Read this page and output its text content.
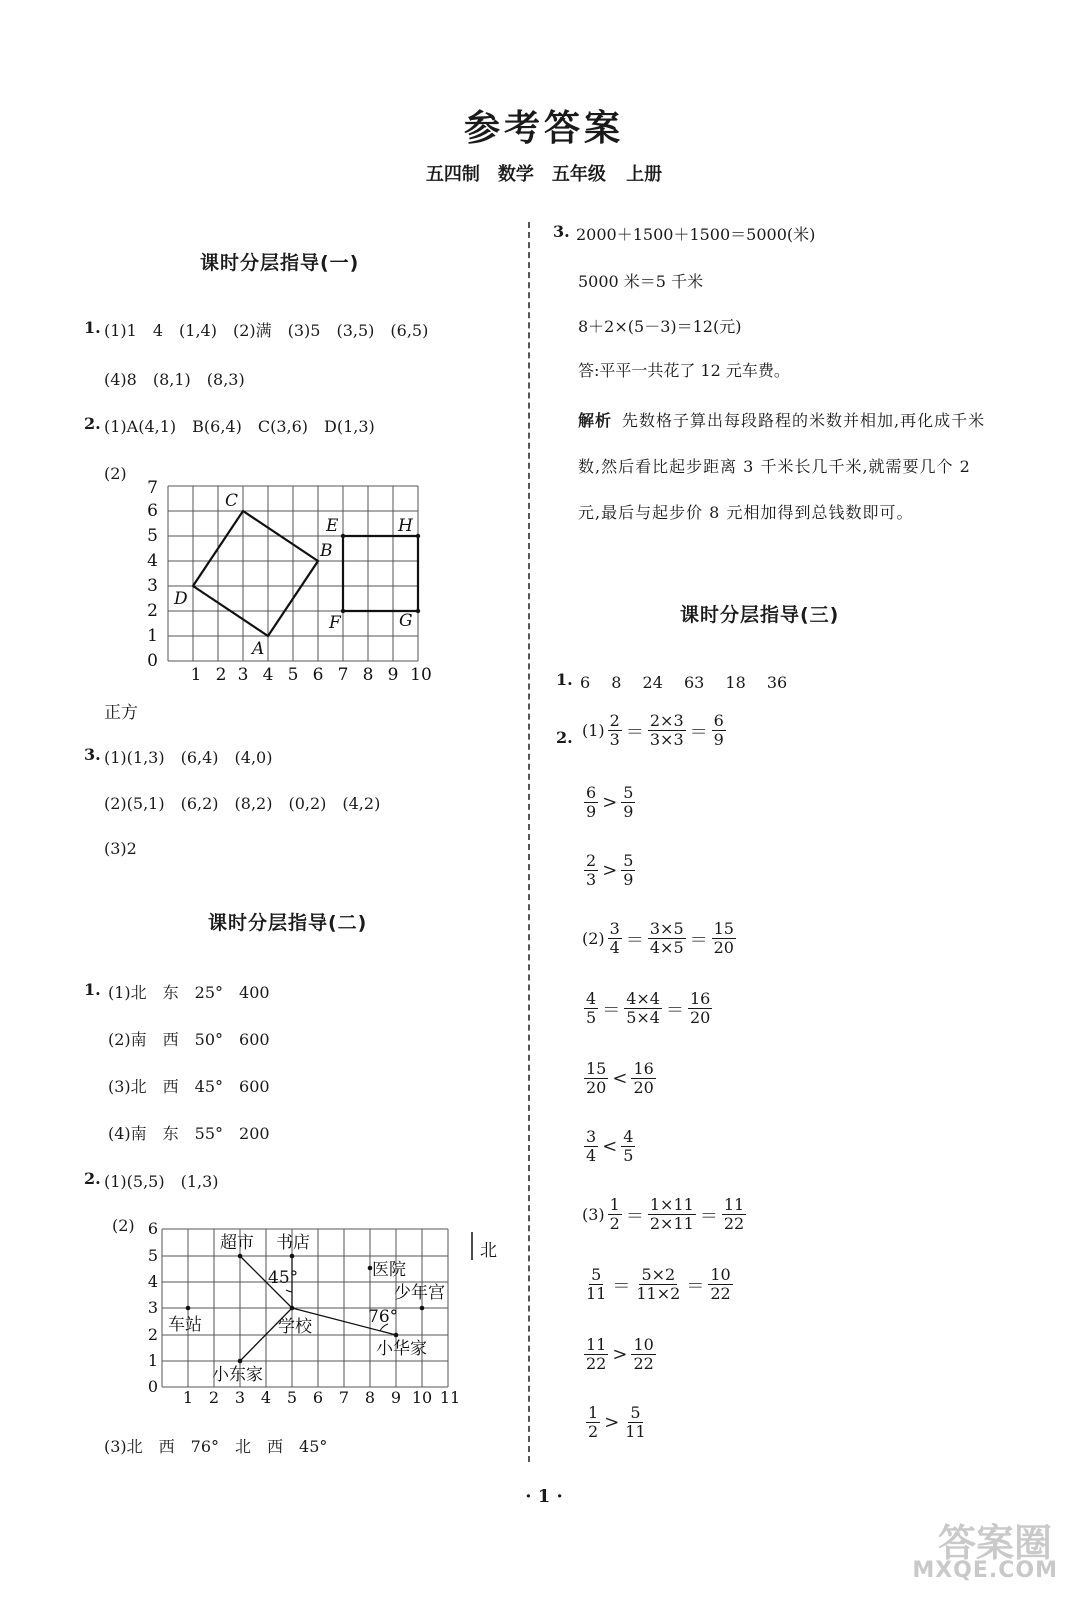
参考答案
五四制　数学　五年级 上册
课时分层指导(一)
1. (1)1　4　(1,4)　(2)满　(3)5　(3,5)　(6,5)
(4)8　(8,1)　(8,3)
2. (1)A(4,1)　B(6,4)　C(3,6)　D(1,3)
(2)
0
1
2
3
4
5
6
7
1 2 3 4 5 6 7 8 9 10
A
B
C
D
E
F	G
H
正方
3. (1)(1,3)　(6,4)　(4,0)
(2)(5,1)　(6,2)　(8,2)　(0,2)　(4,2)
(3)2
课时分层指导(二)
1. (1)北　东　25°　400
(2)南　西　50°　600
(3)北　西　45°　600
(4)南　东　55°　200
2. (1)(5,5)　(1,3)
(2)
0
1
2
3
4
5
6
1 2 3 4 5 6 7 8 9 10 11
超市 书店
医院
少年宫
车站	学校
小华家
小东家
45°
76°
北
(3)北　西　76°　北　西　45°
3. 2000＋1500＋1500＝5000(米)
5000 米＝5 千米
8＋2×(5－3)＝12(元)
答:平平一共花了 12 元车费。
解析 先数格子算出每段路程的米数并相加,再化成千米数,然后看比起步距离 3 千米长几千米,就需要几个 2 元,最后与起步价 8 元相加得到总钱数即可。
课时分层指导(三)
1. 6　 8　 24　 63　 18　 36
2. $(1) \frac{2}{3} = \frac{2\times 3}{3\times 3} = \frac{6}{9}$
$\frac{6}{9} > \frac{5}{9}$
$\frac{2}{3} > \frac{5}{9}$
$(2) \frac{3}{4} = \frac{3\times 5}{4\times 5} = \frac{15}{20}$
$\frac{4}{5} = \frac{4\times 4}{5\times 4} = \frac{16}{20}$
$\frac{15}{20} < \frac{16}{20}$
$\frac{3}{4} < \frac{4}{5}$
$(3) \frac{1}{2} = \frac{1\times 11}{2\times 11} = \frac{11}{22}$
$\frac{5}{11} = \frac{5\times 2}{11\times 2} = \frac{10}{22}$
$\frac{11}{22} > \frac{10}{22}$
$\frac{1}{2} > \frac{5}{11}$
· 1 ·
答案圈
MXQE.COM
